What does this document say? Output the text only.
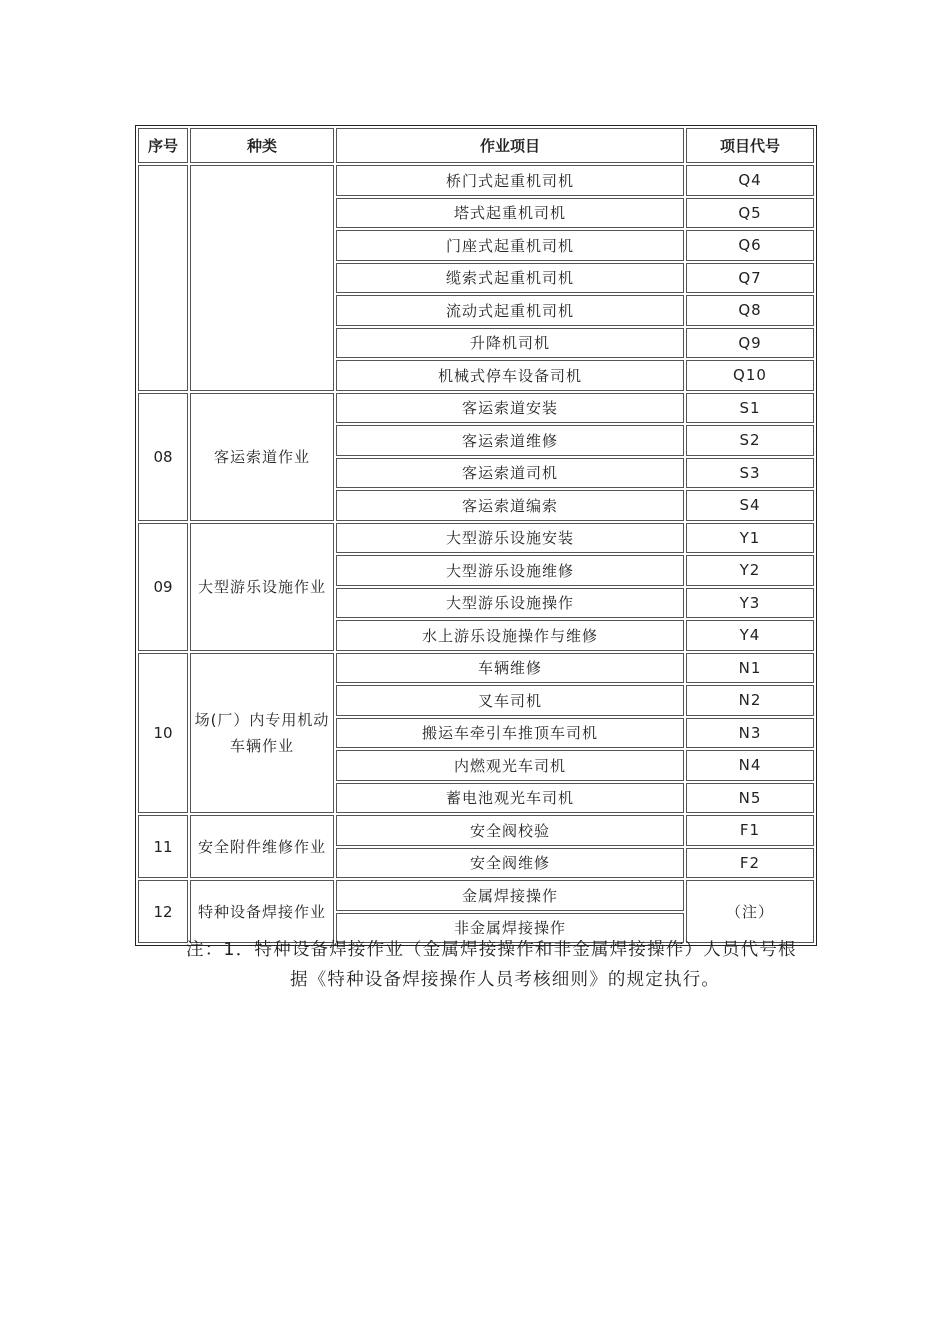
序号	种类	作业项目	项目代号
		桥门式起重机司机	Q4
		塔式起重机司机	Q5
		门座式起重机司机	Q6
		缆索式起重机司机	Q7
		流动式起重机司机	Q8
		升降机司机	Q9
		机械式停车设备司机	Q10
08	客运索道作业	客运索道安装	S1
		客运索道维修	S2
		客运索道司机	S3
		客运索道编索	S4
09	大型游乐设施作业	大型游乐设施安装	Y1
		大型游乐设施维修	Y2
		大型游乐设施操作	Y3
		水上游乐设施操作与维修	Y4
10	场(厂）内专用机动车辆作业	车辆维修	N1
		叉车司机	N2
		搬运车牵引车推顶车司机	N3
		内燃观光车司机	N4
		蓄电池观光车司机	N5
11	安全附件维修作业	安全阀校验	F1
		安全阀维修	F2
12	特种设备焊接作业	金属焊接操作	（注）
		非金属焊接操作	
注：1．特种设备焊接作业（金属焊接操作和非金属焊接操作）人员代号根
据《特种设备焊接操作人员考核细则》的规定执行。
